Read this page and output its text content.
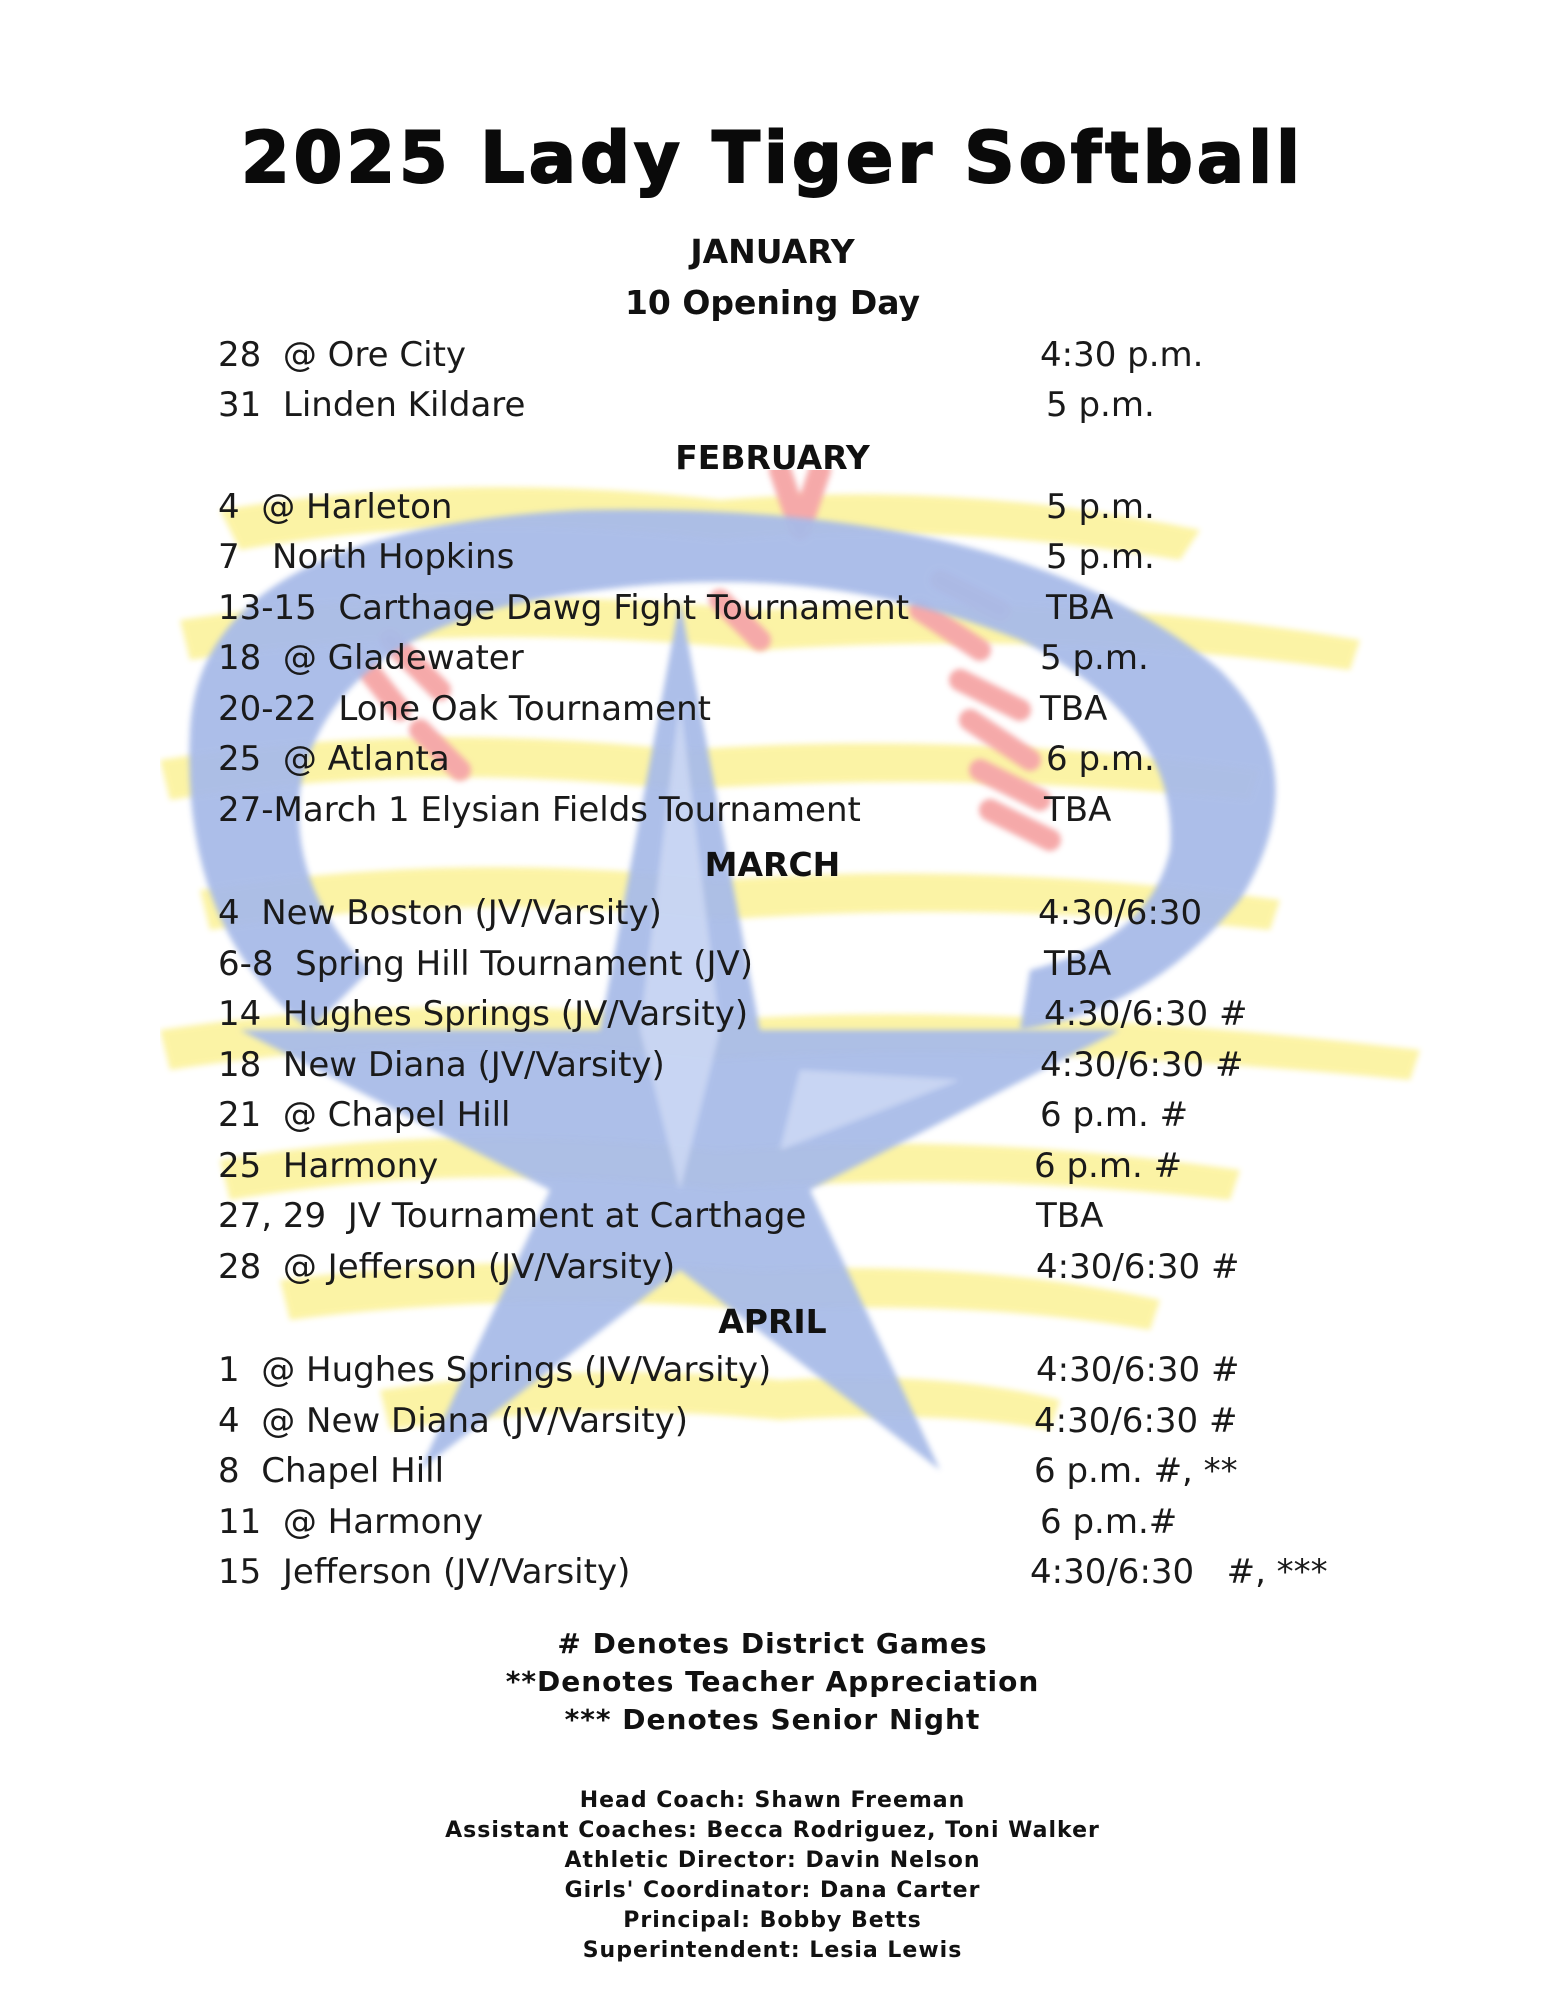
2025 Lady Tiger Softball
JANUARY
10 Opening Day
28  @ Ore City	4:30 p.m.
31  Linden Kildare	5 p.m.
FEBRUARY
4  @ Harleton	5 p.m.
7   North Hopkins	5 p.m.
13-15  Carthage Dawg Fight Tournament	TBA
18  @ Gladewater	5 p.m.
20-22  Lone Oak Tournament	TBA
25  @ Atlanta	6 p.m.
27-March 1 Elysian Fields Tournament	TBA
MARCH
4  New Boston (JV/Varsity)	4:30/6:30
6-8  Spring Hill Tournament (JV)	TBA
14  Hughes Springs (JV/Varsity)	4:30/6:30 #
18  New Diana (JV/Varsity)	4:30/6:30 #
21  @ Chapel Hill	6 p.m. #
25  Harmony	6 p.m. #
27, 29  JV Tournament at Carthage	TBA
28  @ Jefferson (JV/Varsity)	4:30/6:30 #
APRIL
1  @ Hughes Springs (JV/Varsity)	4:30/6:30 #
4  @ New Diana (JV/Varsity)	4:30/6:30 #
8  Chapel Hill	6 p.m. #, **
11  @ Harmony	6 p.m.#
15  Jefferson (JV/Varsity)	4:30/6:30   #, ***
# Denotes District Games
**Denotes Teacher Appreciation
*** Denotes Senior Night
Head Coach: Shawn Freeman
Assistant Coaches: Becca Rodriguez, Toni Walker
Athletic Director: Davin Nelson
Girls' Coordinator: Dana Carter
Principal: Bobby Betts
Superintendent: Lesia Lewis
